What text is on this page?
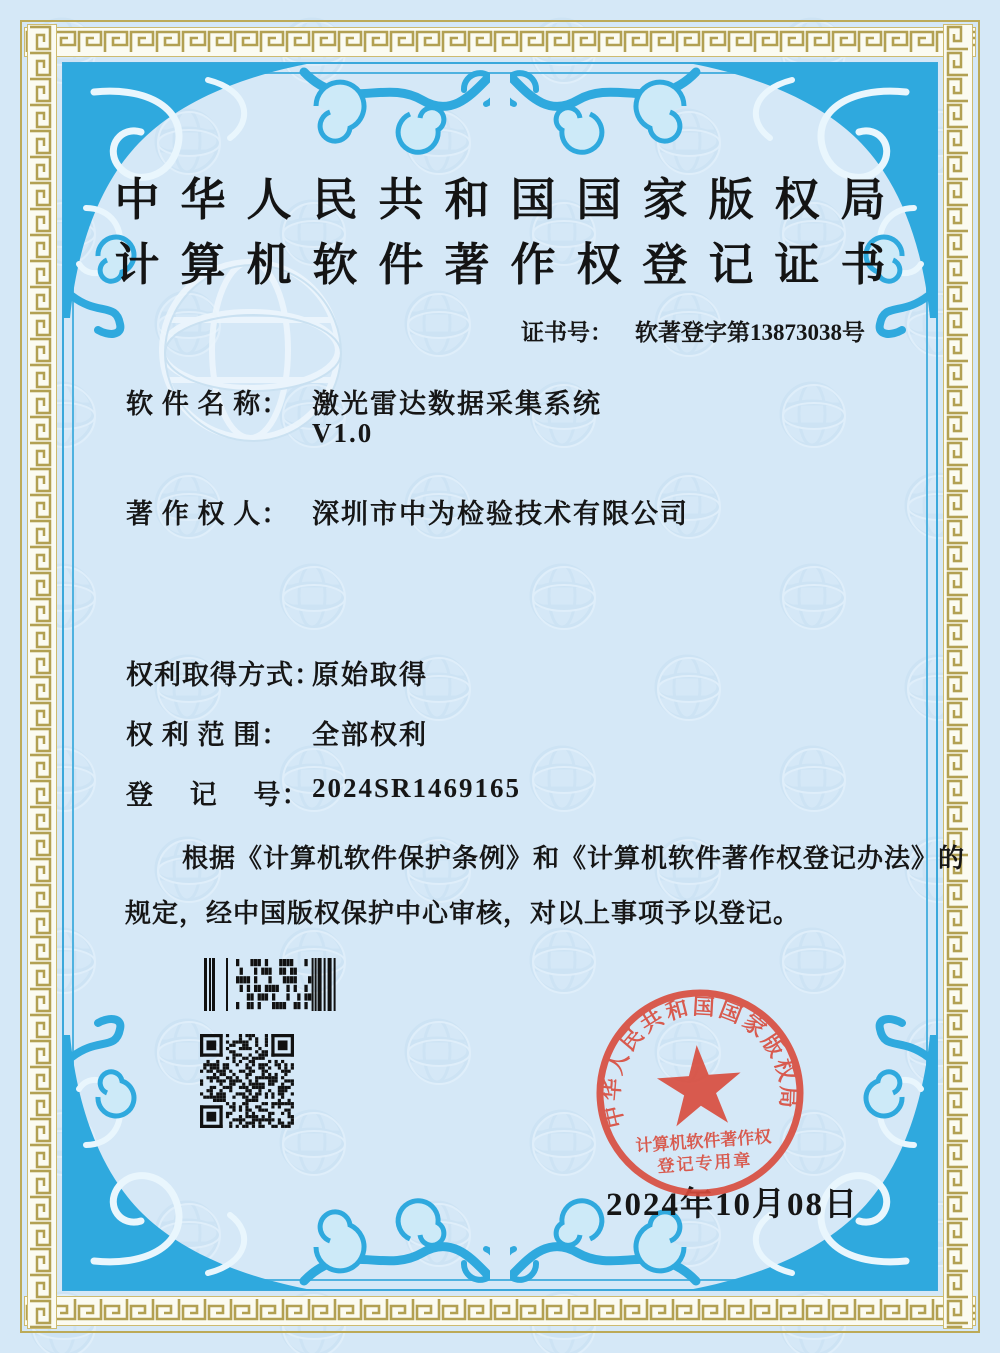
中华人民共和国国家版权局
计算机软件著作权登记证书
证书号： 软著登字第13873038号
软 件 名 称： 激光雷达数据采集系统
V1.0
著 作 权 人： 深圳市中为检验技术有限公司
权利取得方式：
原始取得
权 利 范 围： 全部权利
登　 记　 号： 2024SR1469165
根据《计算机软件保护条例》和《计算机软件著作权登记办法》的
规定，经中国版权保护中心审核，对以上事项予以登记。
中华人民共和国国家版权局
计算机软件著作权
登记专用章
2024年10月08日
